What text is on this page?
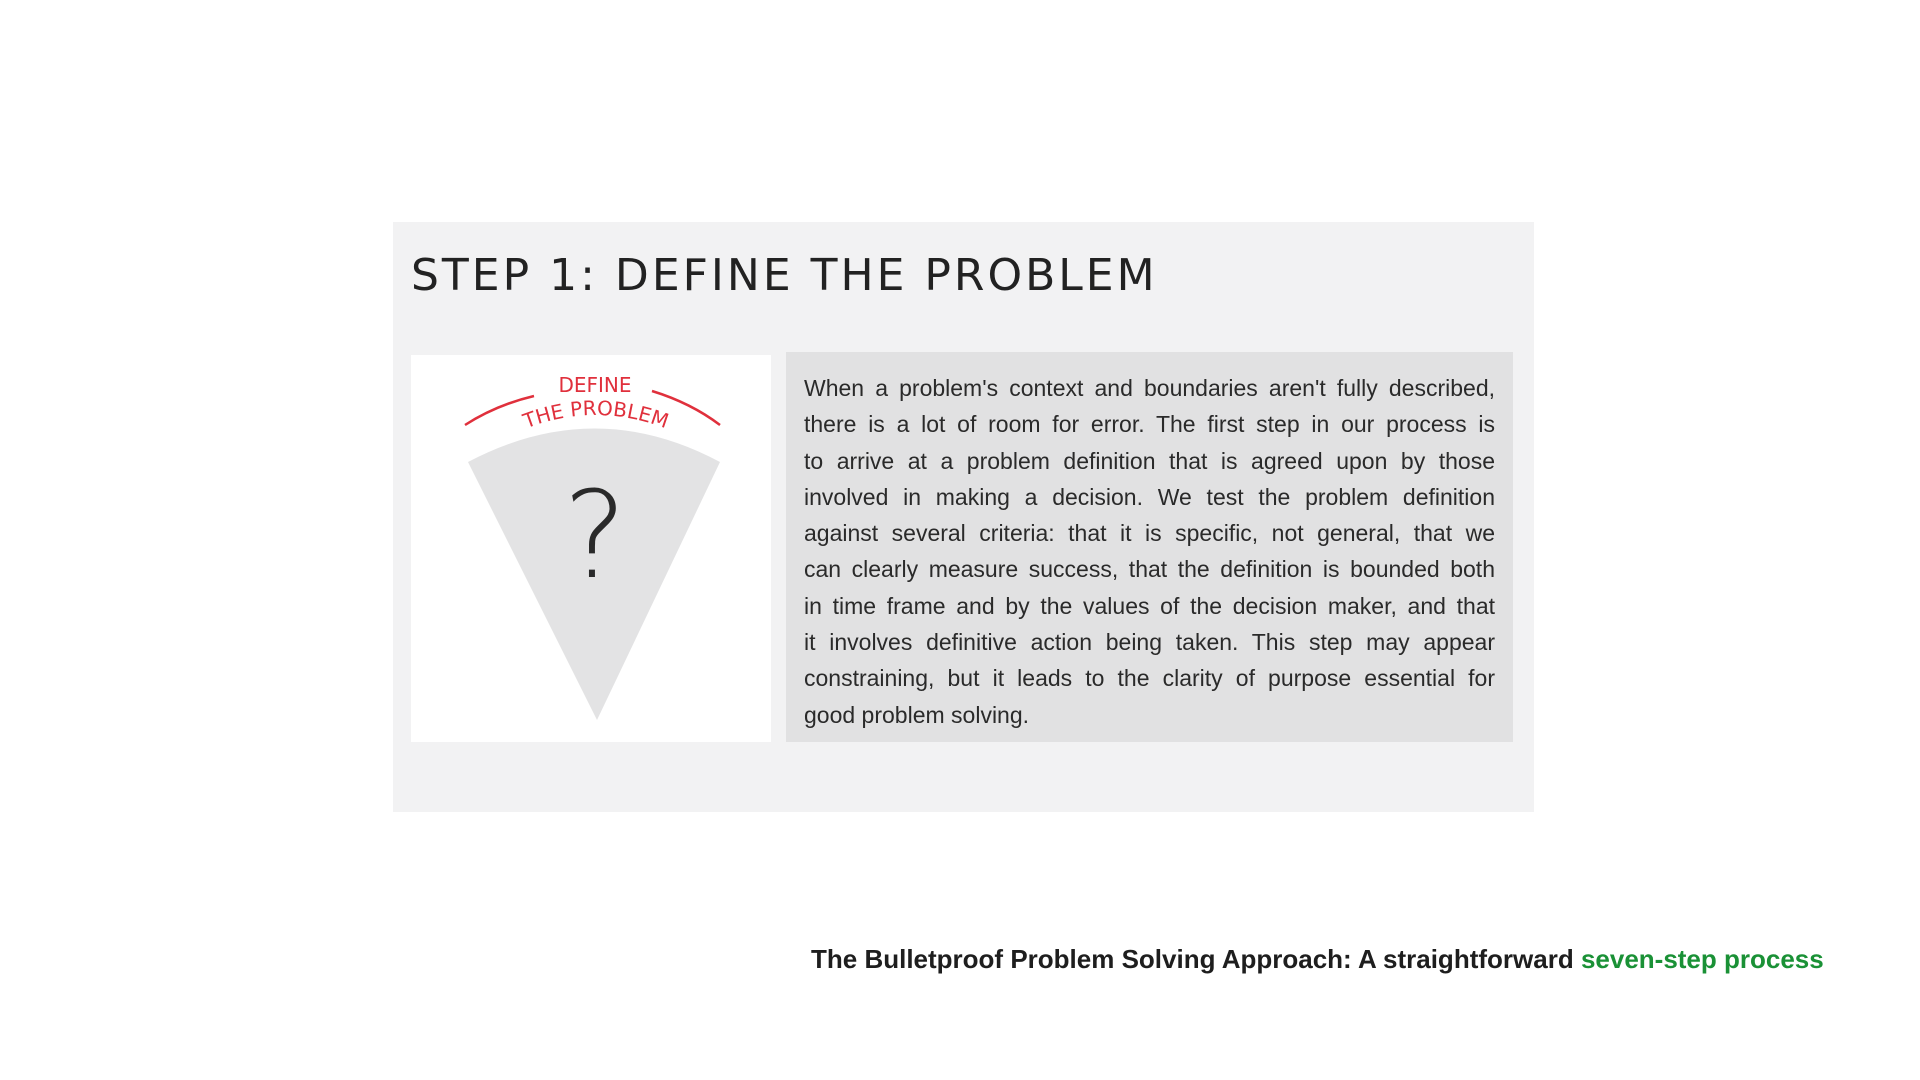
STEP 1: DEFINE THE PROBLEM
DEFINE
THE PROBLEM
?
When a problem's context and boundaries aren't fully described,
there is a lot of room for error. The first step in our process is
to arrive at a problem definition that is agreed upon by those
involved in making a decision. We test the problem definition
against several criteria: that it is specific, not general, that we
can clearly measure success, that the definition is bounded both
in time frame and by the values of the decision maker, and that
it involves definitive action being taken. This step may appear
constraining, but it leads to the clarity of purpose essential for
good problem solving.
The Bulletproof Problem Solving Approach: A straightforward seven-step process
